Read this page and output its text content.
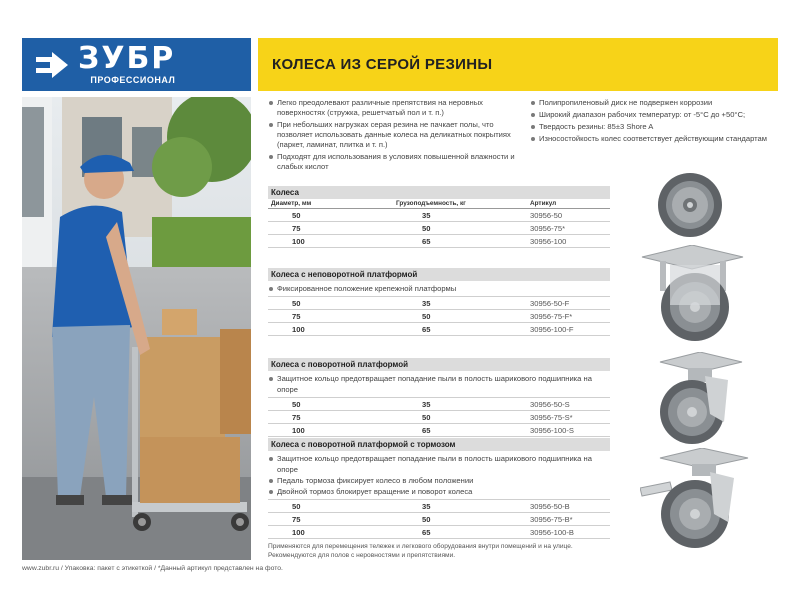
ЗУБР
ПРОФЕССИОНАЛ
КОЛЕСА ИЗ СЕРОЙ РЕЗИНЫ
Легко преодолевают различные препятствия на неровных поверхностях (стружка, решетчатый пол и т. п.)
При небольших нагрузках серая резина не пачкает полы, что позволяет использовать данные колеса на деликатных покрытиях (паркет, ламинат, плитка и т. п.)
Подходят для использования в условиях повышенной влажности и слабых кислот
Полипропиленовый диск не подвержен коррозии
Широкий диапазон рабочих температур: от -5°С до +50°С;
Твердость резины: 85±3 Shore A
Износостойкость колес соответствует действующим стандартам
Колеса
Диаметр, мм	Грузоподъемность, кг	Артикул
50	35	30956-50
75	50	30956-75*
100	65	30956-100
Колеса с неповоротной платформой
Фиксированное положение крепежной платформы
50	35	30956-50-F
75	50	30956-75-F*
100	65	30956-100-F
Колеса с поворотной платформой
Защитное кольцо предотвращает попадание пыли в полость шарикового подшипника на опоре
50	35	30956-50-S
75	50	30956-75-S*
100	65	30956-100-S
Колеса с поворотной платформой с тормозом
Защитное кольцо предотвращает попадание пыли в полость шарикового подшипника на опоре
Педаль тормоза фиксирует колесо в любом положении
Двойной тормоз блокирует вращение и поворот колеса
50	35	30956-50-B
75	50	30956-75-B*
100	65	30956-100-B
Применяются для перемещения тележек и легкового оборудования внутри помещений и на улице. Рекомендуются для полов с неровностями и препятствиями.
www.zubr.ru / Упаковка: пакет с этикеткой / *Данный артикул представлен на фото.
